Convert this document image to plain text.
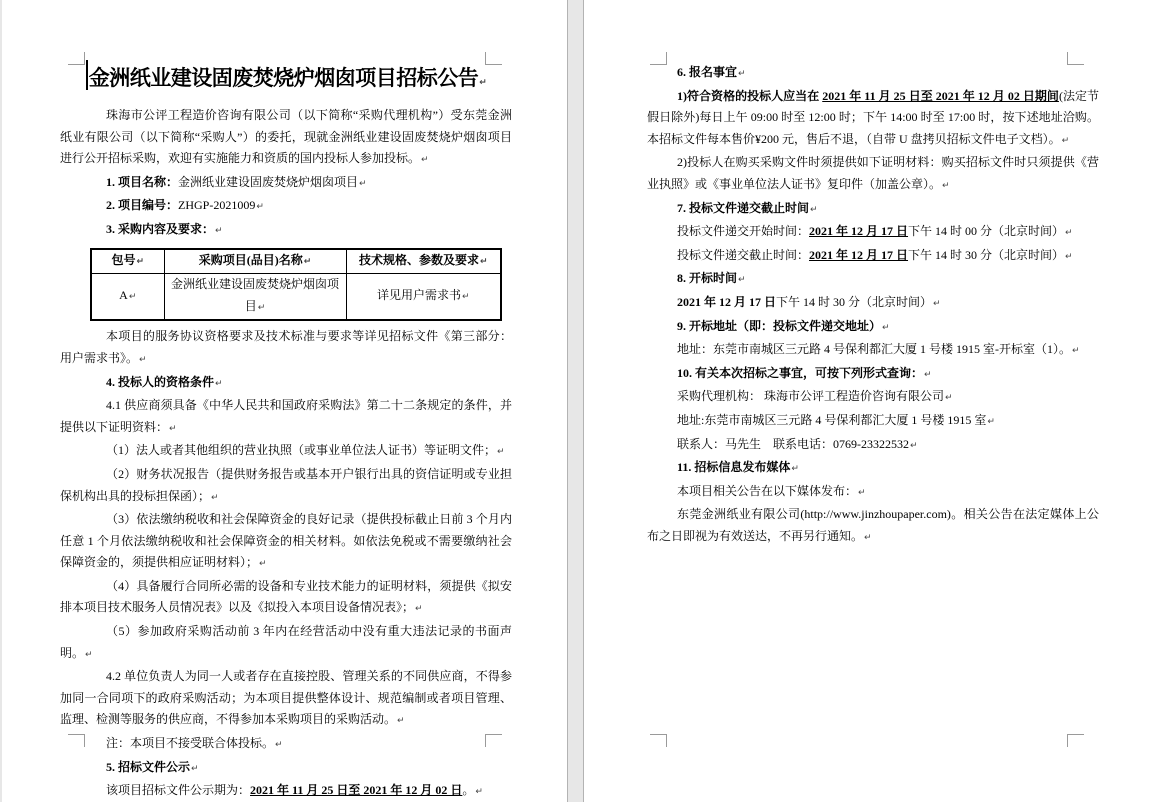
金洲纸业建设固废焚烧炉烟囱项目招标公告↵

珠海市公评工程造价咨询有限公司（以下简称“采购代理机构”）受东莞金洲纸业有限公司（以下简称“采购人”）的委托，现就金洲纸业建设固废焚烧炉烟囱项目进行公开招标采购，欢迎有实施能力和资质的国内投标人参加投标。↵

1. 项目名称：金洲纸业建设固废焚烧炉烟囱项目↵

2. 项目编号：ZHGP-2021009↵

3. 采购内容及要求：↵

包号↵	采购项目(品目)名称↵	技术规格、参数及要求↵
A↵	金洲纸业建设固废焚烧炉烟囱项目↵	详见用户需求书↵

本项目的服务协议资格要求及技术标准与要求等详见招标文件《第三部分：用户需求书》。↵

4. 投标人的资格条件↵

4.1 供应商须具备《中华人民共和国政府采购法》第二十二条规定的条件，并提供以下证明资料：↵

（1）法人或者其他组织的营业执照（或事业单位法人证书）等证明文件；↵

（2）财务状况报告（提供财务报告或基本开户银行出具的资信证明或专业担保机构出具的投标担保函）；↵

（3）依法缴纳税收和社会保障资金的良好记录（提供投标截止日前 3 个月内任意 1 个月依法缴纳税收和社会保障资金的相关材料。如依法免税或不需要缴纳社会保障资金的，须提供相应证明材料）；↵

（4）具备履行合同所必需的设备和专业技术能力的证明材料，须提供《拟安排本项目技术服务人员情况表》以及《拟投入本项目设备情况表》；↵

（5）参加政府采购活动前 3 年内在经营活动中没有重大违法记录的书面声明。↵

4.2 单位负责人为同一人或者存在直接控股、管理关系的不同供应商，不得参加同一合同项下的政府采购活动；为本项目提供整体设计、规范编制或者项目管理、监理、检测等服务的供应商，不得参加本采购项目的采购活动。↵

注：本项目不接受联合体投标。↵

5. 招标文件公示↵

该项目招标文件公示期为：2021 年 11 月 25 日至 2021 年 12 月 02 日。↵

6. 报名事宜↵

1)符合资格的投标人应当在 2021 年 11 月 25 日至 2021 年 12 月 02 日期间(法定节假日除外)每日上午 09:00 时至 12:00 时；下午 14:00 时至 17:00 时，按下述地址洽购。本招标文件每本售价¥200 元，售后不退，（自带 U 盘拷贝招标文件电子文档）。↵

2)投标人在购买采购文件时须提供如下证明材料：购买招标文件时只须提供《营业执照》或《事业单位法人证书》复印件（加盖公章）。↵

7. 投标文件递交截止时间↵

投标文件递交开始时间：2021 年 12 月 17 日下午 14 时 00 分（北京时间）↵

投标文件递交截止时间：2021 年 12 月 17 日下午 14 时 30 分（北京时间）↵

8. 开标时间↵

2021 年 12 月 17 日下午 14 时 30 分（北京时间）↵

9. 开标地址（即：投标文件递交地址）↵

地址：东莞市南城区三元路 4 号保利都汇大厦 1 号楼 1915 室-开标室（1）。↵

10. 有关本次招标之事宜，可按下列形式查询：↵

采购代理机构： 珠海市公评工程造价咨询有限公司↵

地址:东莞市南城区三元路 4 号保利都汇大厦 1 号楼 1915 室↵

联系人：马先生　联系电话：0769-23322532↵

11. 招标信息发布媒体↵

本项目相关公告在以下媒体发布：↵

东莞金洲纸业有限公司(http://www.jinzhoupaper.com)。相关公告在法定媒体上公布之日即视为有效送达，不再另行通知。↵
